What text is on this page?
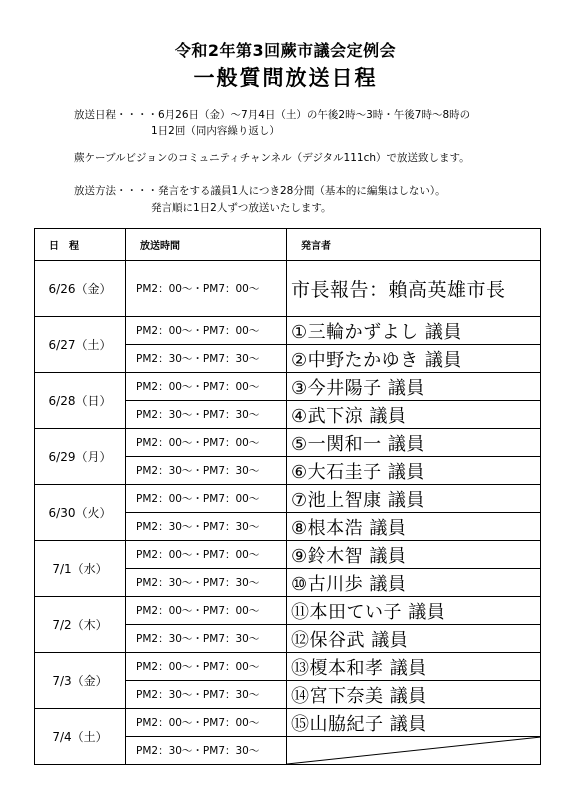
令和2年第3回蕨市議会定例会
一般質問放送日程
放送日程・・・・6月26日（金）～7月4日（土）の午後2時～3時・午後7時～8時の
1日2回（同内容繰り返し）
蕨ケーブルビジョンのコミュニティチャンネル（デジタル111ch）で放送致します。
放送方法・・・・発言をする議員1人につき28分間（基本的に編集はしない）。
発言順に1日2人ずつ放送いたします。
日　程	放送時間	発言者
6/26（金）	PM2：00～・PM7：00～	市長報告：賴高英雄市長
6/27（土）	PM2：00～・PM7：00～	①三輪かずよし 議員
	PM2：30～・PM7：30～	②中野たかゆき 議員
6/28（日）	PM2：00～・PM7：00～	③今井陽子 議員
	PM2：30～・PM7：30～	④武下涼 議員
6/29（月）	PM2：00～・PM7：00～	⑤一関和一 議員
	PM2：30～・PM7：30～	⑥大石圭子 議員
6/30（火）	PM2：00～・PM7：00～	⑦池上智康 議員
	PM2：30～・PM7：30～	⑧根本浩 議員
7/1（水）	PM2：00～・PM7：00～	⑨鈴木智 議員
	PM2：30～・PM7：30～	⑩古川歩 議員
7/2（木）	PM2：00～・PM7：00～	⑪本田てい子 議員
	PM2：30～・PM7：30～	⑫保谷武 議員
7/3（金）	PM2：00～・PM7：00～	⑬榎本和孝 議員
	PM2：30～・PM7：30～	⑭宮下奈美 議員
7/4（土）	PM2：00～・PM7：00～	⑮山脇紀子 議員
	PM2：30～・PM7：30～	
